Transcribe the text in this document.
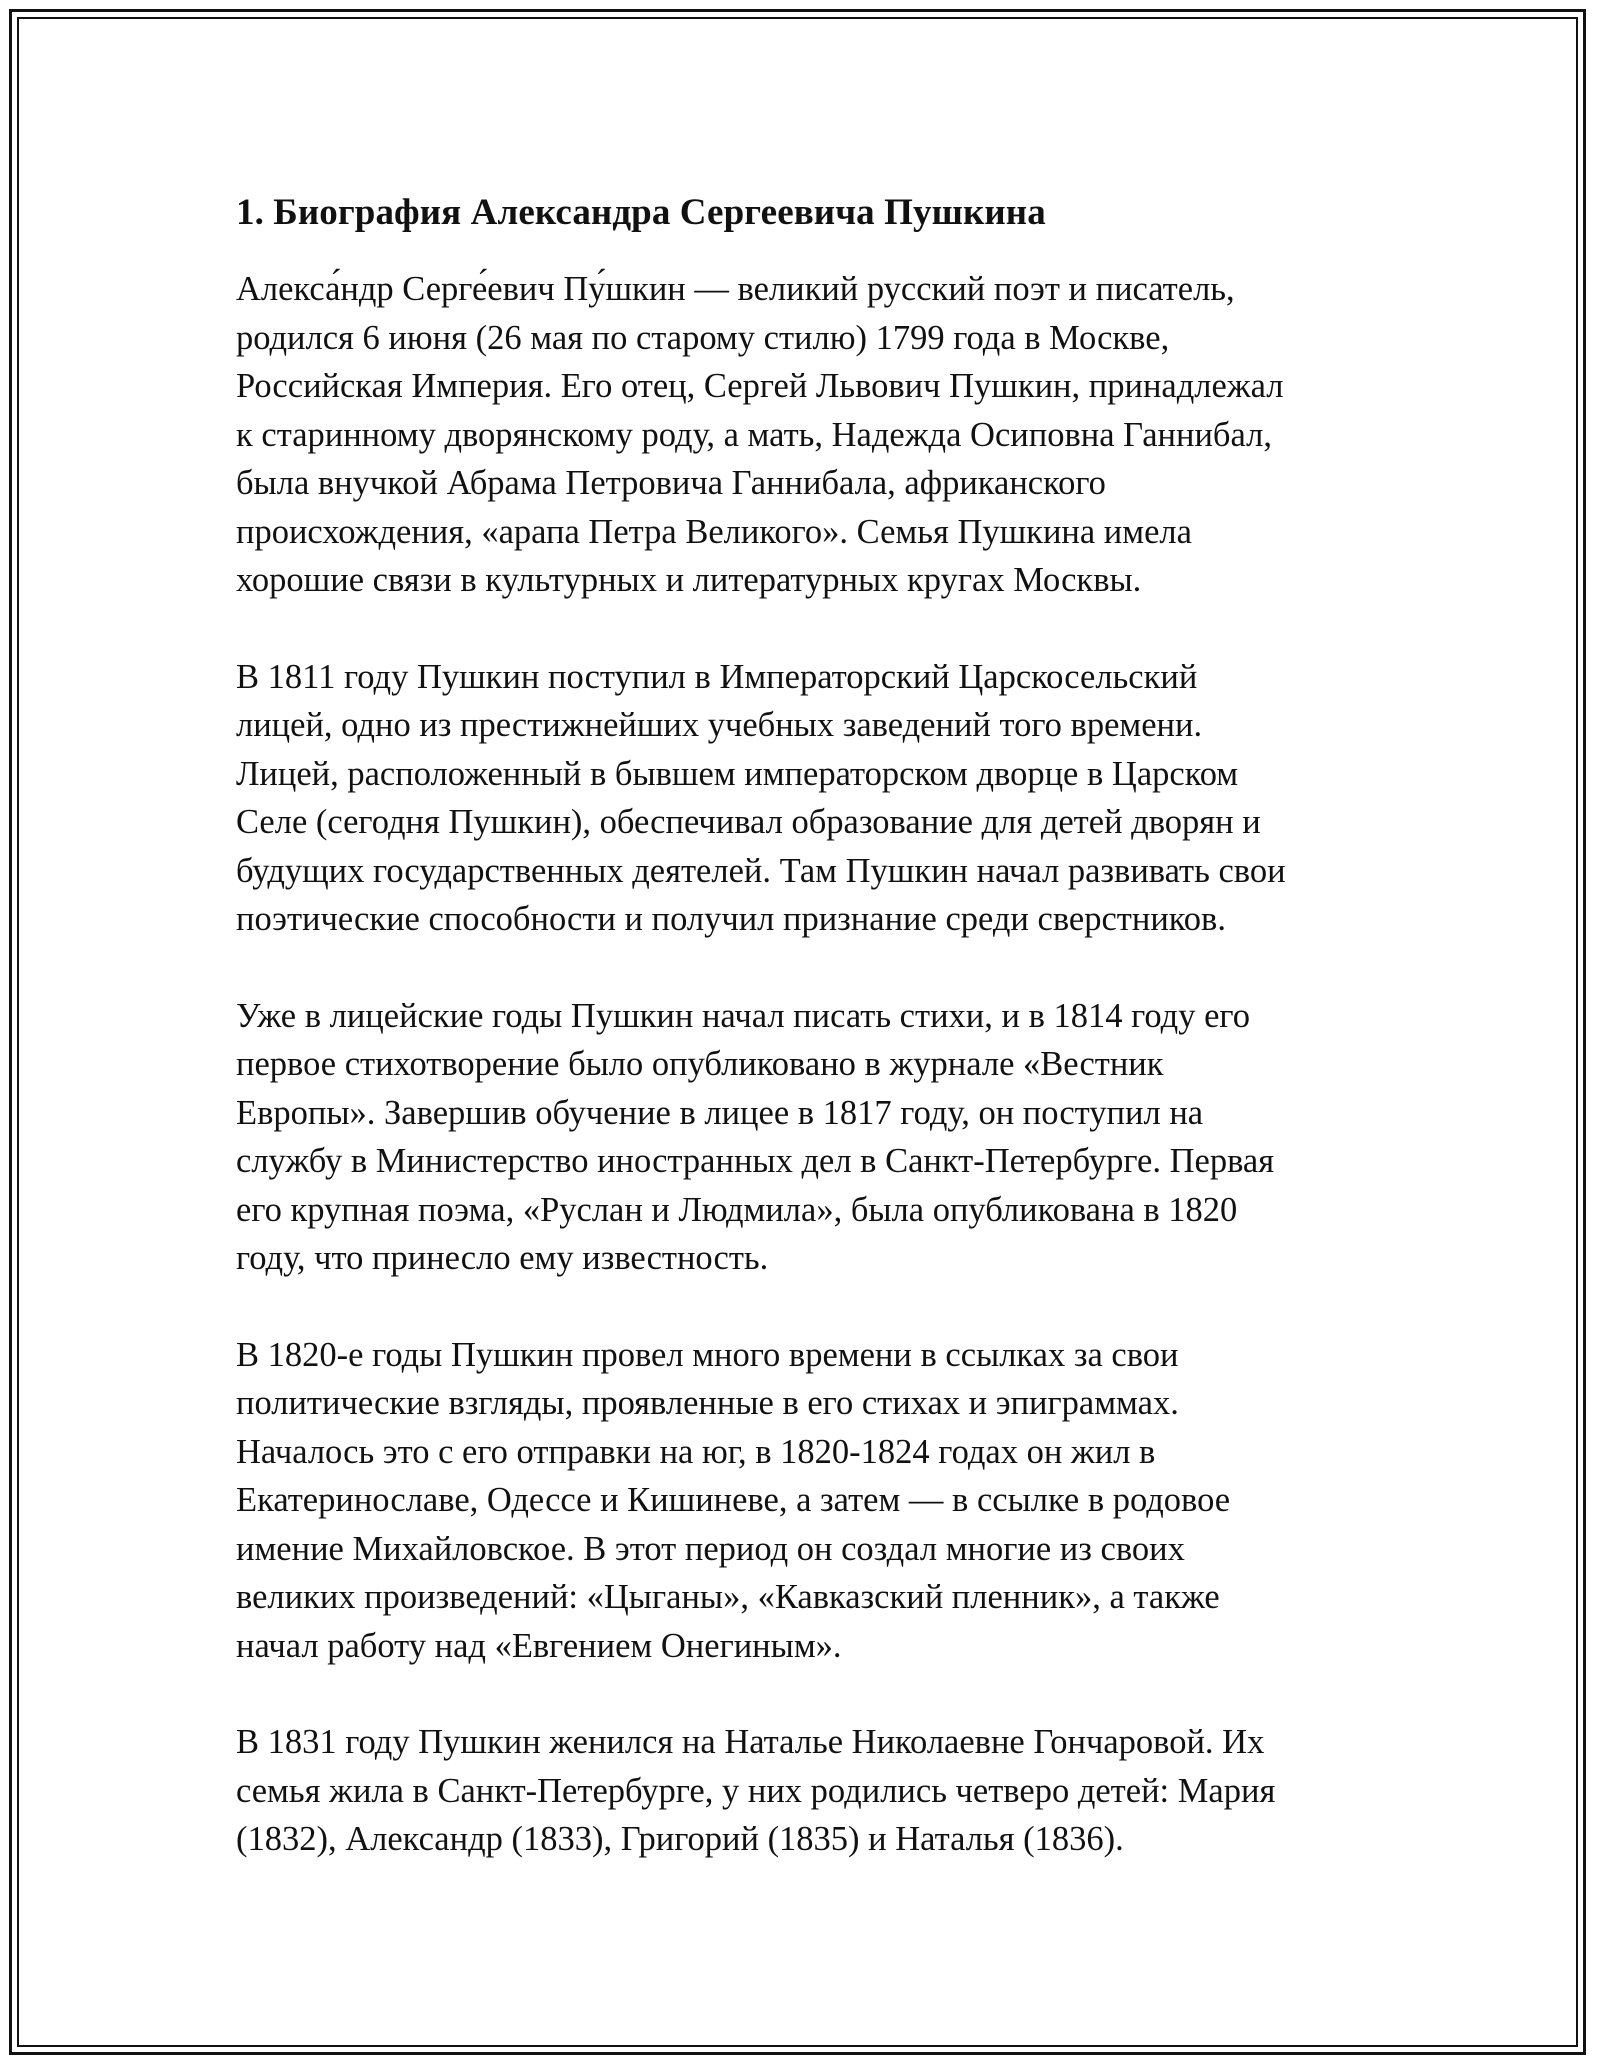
1. Биография Александра Сергеевича Пушкина

Алекса́ндр Серге́евич Пу́шкин — великий русский поэт и писатель,
родился 6 июня (26 мая по старому стилю) 1799 года в Москве,
Российская Империя. Его отец, Сергей Львович Пушкин, принадлежал
к старинному дворянскому роду, а мать, Надежда Осиповна Ганнибал,
была внучкой Абрама Петровича Ганнибала, африканского
происхождения, «арапа Петра Великого». Семья Пушкина имела
хорошие связи в культурных и литературных кругах Москвы.

В 1811 году Пушкин поступил в Императорский Царскосельский
лицей, одно из престижнейших учебных заведений того времени.
Лицей, расположенный в бывшем императорском дворце в Царском
Селе (сегодня Пушкин), обеспечивал образование для детей дворян и
будущих государственных деятелей. Там Пушкин начал развивать свои
поэтические способности и получил признание среди сверстников.

Уже в лицейские годы Пушкин начал писать стихи, и в 1814 году его
первое стихотворение было опубликовано в журнале «Вестник
Европы». Завершив обучение в лицее в 1817 году, он поступил на
службу в Министерство иностранных дел в Санкт-Петербурге. Первая
его крупная поэма, «Руслан и Людмила», была опубликована в 1820
году, что принесло ему известность.

В 1820-е годы Пушкин провел много времени в ссылках за свои
политические взгляды, проявленные в его стихах и эпиграммах.
Началось это с его отправки на юг, в 1820-1824 годах он жил в
Екатеринославе, Одессе и Кишиневе, а затем — в ссылке в родовое
имение Михайловское. В этот период он создал многие из своих
великих произведений: «Цыганы», «Кавказский пленник», а также
начал работу над «Евгением Онегиным».

В 1831 году Пушкин женился на Наталье Николаевне Гончаровой. Их
семья жила в Санкт-Петербурге, у них родились четверо детей: Мария
(1832), Александр (1833), Григорий (1835) и Наталья (1836).
